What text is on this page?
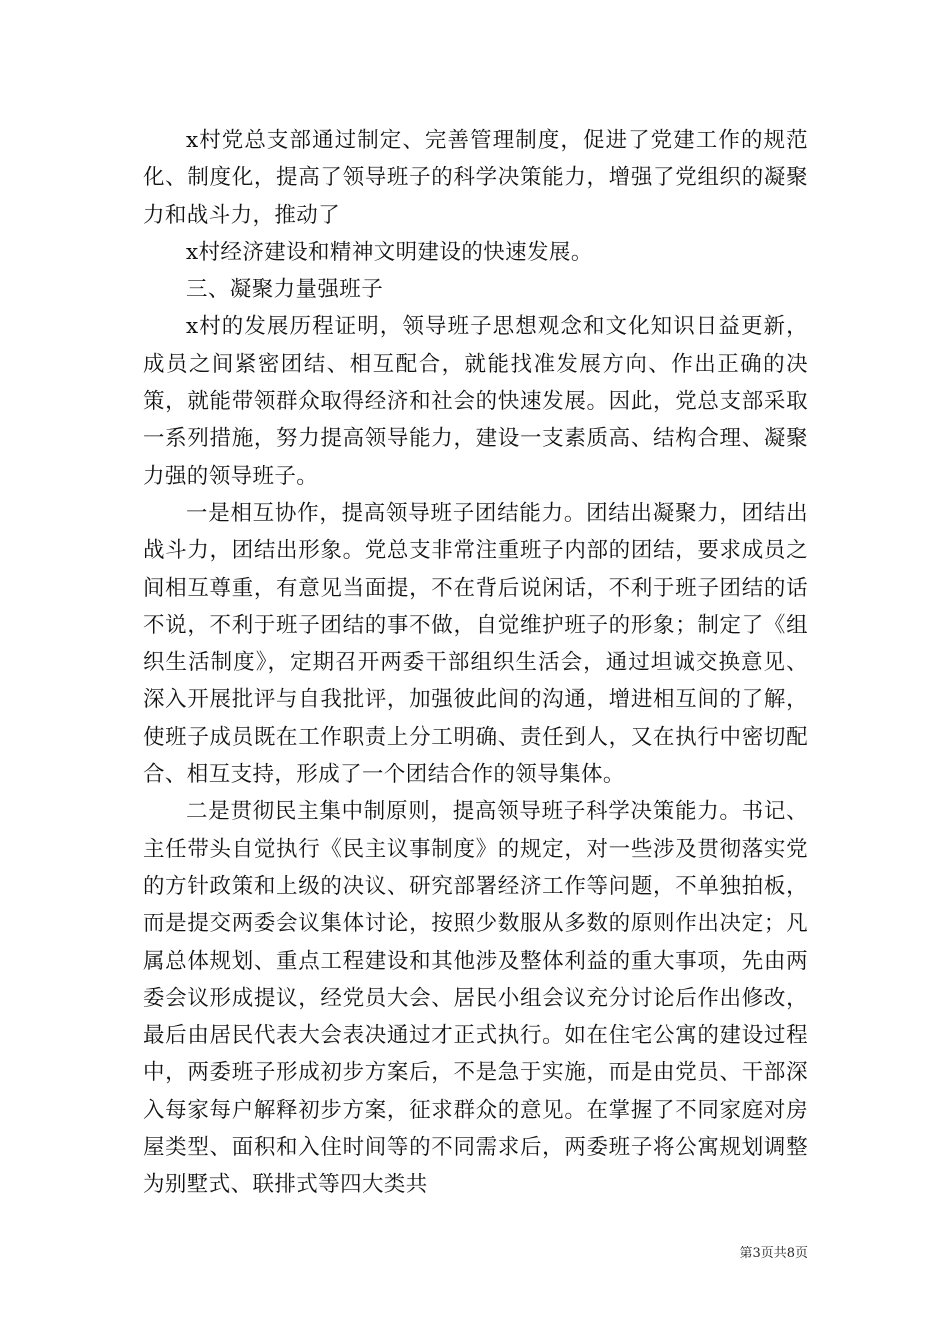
x村党总支部通过制定、完善管理制度，促进了党建工作的规范化、制度化，提高了领导班子的科学决策能力，增强了党组织的凝聚力和战斗力，推动了

x村经济建设和精神文明建设的快速发展。

三、凝聚力量强班子

x村的发展历程证明，领导班子思想观念和文化知识日益更新，成员之间紧密团结、相互配合，就能找准发展方向、作出正确的决策，就能带领群众取得经济和社会的快速发展。因此，党总支部采取一系列措施，努力提高领导能力，建设一支素质高、结构合理、凝聚力强的领导班子。

一是相互协作，提高领导班子团结能力。团结出凝聚力，团结出战斗力，团结出形象。党总支非常注重班子内部的团结，要求成员之间相互尊重，有意见当面提，不在背后说闲话，不利于班子团结的话不说，不利于班子团结的事不做，自觉维护班子的形象；制定了《组织生活制度》，定期召开两委干部组织生活会，通过坦诚交换意见、深入开展批评与自我批评，加强彼此间的沟通，增进相互间的了解，使班子成员既在工作职责上分工明确、责任到人，又在执行中密切配合、相互支持，形成了一个团结合作的领导集体。

二是贯彻民主集中制原则，提高领导班子科学决策能力。书记、主任带头自觉执行《民主议事制度》的规定，对一些涉及贯彻落实党的方针政策和上级的决议、研究部署经济工作等问题，不单独拍板，而是提交两委会议集体讨论，按照少数服从多数的原则作出决定；凡属总体规划、重点工程建设和其他涉及整体利益的重大事项，先由两委会议形成提议，经党员大会、居民小组会议充分讨论后作出修改，最后由居民代表大会表决通过才正式执行。如在住宅公寓的建设过程中，两委班子形成初步方案后，不是急于实施，而是由党员、干部深入每家每户解释初步方案，征求群众的意见。在掌握了不同家庭对房屋类型、面积和入住时间等的不同需求后，两委班子将公寓规划调整为别墅式、联排式等四大类共

第3页共8页
